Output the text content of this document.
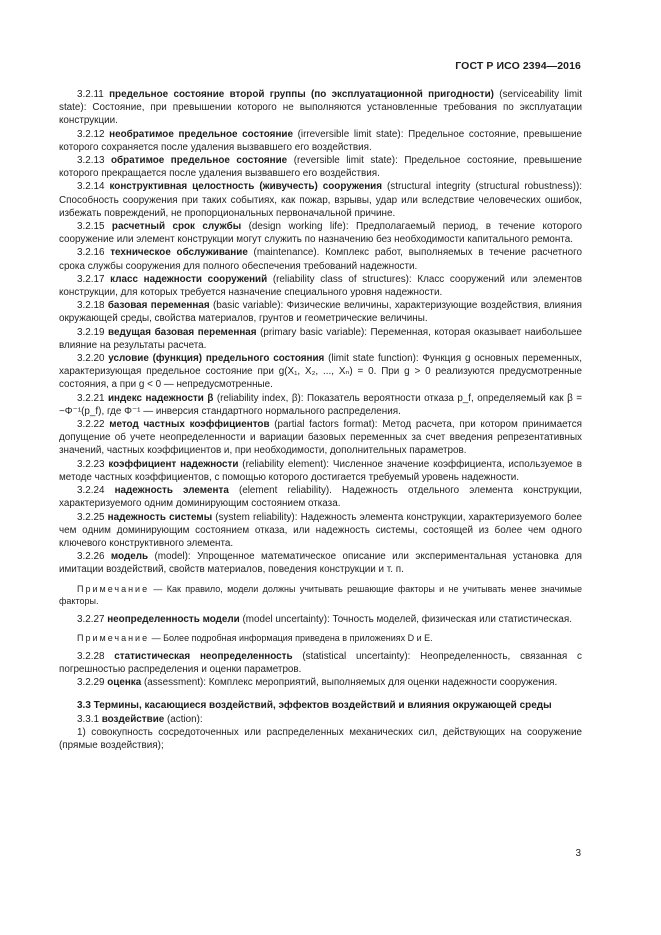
ГОСТ Р ИСО 2394—2016

3.2.11 предельное состояние второй группы (по эксплуатационной пригодности) (serviceability limit state): Состояние, при превышении которого не выполняются установленные требования по эксплуатации конструкции.

3.2.12 необратимое предельное состояние (irreversible limit state): Предельное состояние, превышение которого сохраняется после удаления вызвавшего его воздействия.

3.2.13 обратимое предельное состояние (reversible limit state): Предельное состояние, превышение которого прекращается после удаления вызвавшего его воздействия.

3.2.14 конструктивная целостность (живучесть) сооружения (structural integrity (structural robustness)): Способность сооружения при таких событиях, как пожар, взрывы, удар или вследствие человеческих ошибок, избежать повреждений, не пропорциональных первоначальной причине.

3.2.15 расчетный срок службы (design working life): Предполагаемый период, в течение которого сооружение или элемент конструкции могут служить по назначению без необходимости капитального ремонта.

3.2.16 техническое обслуживание (maintenance). Комплекс работ, выполняемых в течение расчетного срока службы сооружения для полного обеспечения требований надежности.

3.2.17 класс надежности сооружений (reliability class of structures): Класс сооружений или элементов конструкции, для которых требуется назначение специального уровня надежности.

3.2.18 базовая переменная (basic variable): Физические величины, характеризующие воздействия, влияния окружающей среды, свойства материалов, грунтов и геометрические величины.

3.2.19 ведущая базовая переменная (primary basic variable): Переменная, которая оказывает наибольшее влияние на результаты расчета.

3.2.20 условие (функция) предельного состояния (limit state function): Функция g основных переменных, характеризующая предельное состояние при g(X₁, X₂, ..., Xₙ) = 0. При g > 0 реализуются предусмотренные состояния, а при g < 0 — непредусмотренные.

3.2.21 индекс надежности β (reliability index, β): Показатель вероятности отказа p_f, определяемый как β = −Φ⁻¹(p_f), где Φ⁻¹ — инверсия стандартного нормального распределения.

3.2.22 метод частных коэффициентов (partial factors format): Метод расчета, при котором принимается допущение об учете неопределенности и вариации базовых переменных за счет введения репрезентативных значений, частных коэффициентов и, при необходимости, дополнительных параметров.

3.2.23 коэффициент надежности (reliability element): Численное значение коэффициента, используемое в методе частных коэффициентов, с помощью которого достигается требуемый уровень надежности.

3.2.24 надежность элемента (element reliability). Надежность отдельного элемента конструкции, характеризуемого одним доминирующим состоянием отказа.

3.2.25 надежность системы (system reliability): Надежность элемента конструкции, характеризуемого более чем одним доминирующим состоянием отказа, или надежность системы, состоящей из более чем одного ключевого конструктивного элемента.

3.2.26 модель (model): Упрощенное математическое описание или экспериментальная установка для имитации воздействий, свойств материалов, поведения конструкции и т. п.

Примечание — Как правило, модели должны учитывать решающие факторы и не учитывать менее значимые факторы.

3.2.27 неопределенность модели (model uncertainty): Точность моделей, физическая или статистическая.

Примечание — Более подробная информация приведена в приложениях D и E.

3.2.28 статистическая неопределенность (statistical uncertainty): Неопределенность, связанная с погрешностью распределения и оценки параметров.

3.2.29 оценка (assessment): Комплекс мероприятий, выполняемых для оценки надежности сооружения.

3.3 Термины, касающиеся воздействий, эффектов воздействий и влияния окружающей среды

3.3.1 воздействие (action):

1) совокупность сосредоточенных или распределенных механических сил, действующих на сооружение (прямые воздействия);

3
